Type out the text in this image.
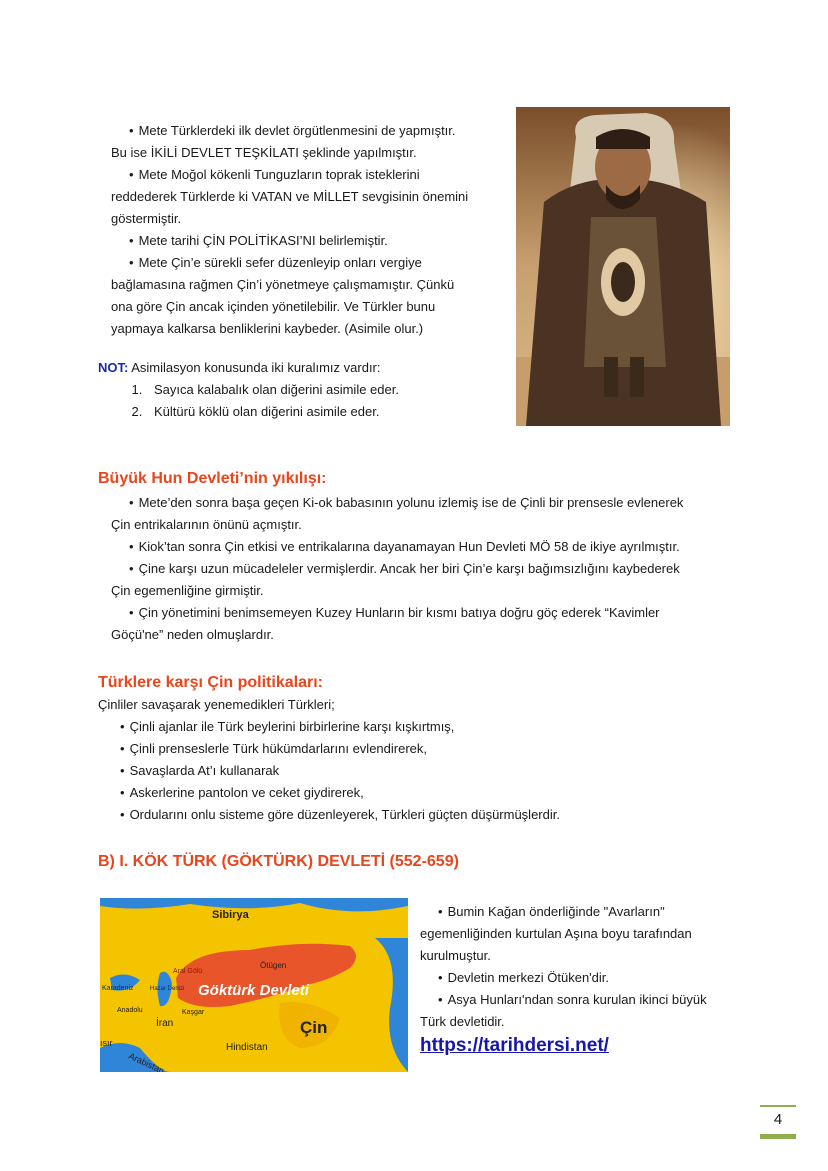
• Mete Türklerdeki ilk devlet örgütlenmesini de yapmıştır.

Bu ise İKİLİ DEVLET TEŞKİLATI şeklinde yapılmıştır.

• Mete Moğol kökenli Tunguzların toprak isteklerini

reddederek Türklerde ki VATAN ve MİLLET sevgisinin önemini

göstermiştir.

• Mete tarihi ÇİN POLİTİKASI’NI belirlemiştir.

• Mete Çin’e sürekli sefer düzenleyip onları vergiye

bağlamasına rağmen Çin’i yönetmeye çalışmamıştır. Çünkü

ona göre Çin ancak içinden yönetilebilir. Ve Türkler bunu

yapmaya kalkarsa benliklerini kaybeder. (Asimile olur.)

NOT: Asimilasyon konusunda iki kuralımız vardır:

1. Sayıca kalabalık olan diğerini asimile eder.
2. Kültürü köklü olan diğerini asimile eder.

Büyük Hun Devleti’nin yıkılışı:

• Mete’den sonra başa geçen Ki-ok babasının yolunu izlemiş ise de Çinli bir prensesle evlenerek

Çin entrikalarının önünü açmıştır.

• Kiok’tan sonra Çin etkisi ve entrikalarına dayanamayan Hun Devleti MÖ 58 de ikiye ayrılmıştır.

• Çine karşı uzun mücadeleler vermişlerdir. Ancak her biri Çin’e karşı bağımsızlığını kaybederek

Çin egemenliğine girmiştir.

• Çin yönetimini benimsemeyen Kuzey Hunların bir kısmı batıya doğru göç ederek “Kavimler

Göçü'ne” neden olmuşlardır.

Türklere karşı Çin politikaları:

Çinliler savaşarak yenemedikleri Türkleri;

• Çinli ajanlar ile Türk beylerini birbirlerine karşı kışkırtmış,

• Çinli prenseslerle Türk hükümdarlarını evlendirerek,

• Savaşlarda At’ı kullanarak

• Askerlerine pantolon ve ceket giydirerek,

• Ordularını onlu sisteme göre düzenleyerek, Türkleri güçten düşürmüşlerdir.

B) I. KÖK TÜRK (GÖKTÜRK) DEVLETİ (552-659)

Sibirya
Aral Gölü
Ötügen
Göktürk Devleti
Karadeniz	Hazar Denizi
Anadolu	Kaşgar
İran	Çin
ısır
Arabistan
Hindistan

• Bumin Kağan önderliğinde "Avarların"

egemenliğinden kurtulan Aşına boyu tarafından

kurulmuştur.

• Devletin merkezi Ötüken'dir.

• Asya Hunları'ndan sonra kurulan ikinci büyük

Türk devletidir.

https://tarihdersi.net/
4
